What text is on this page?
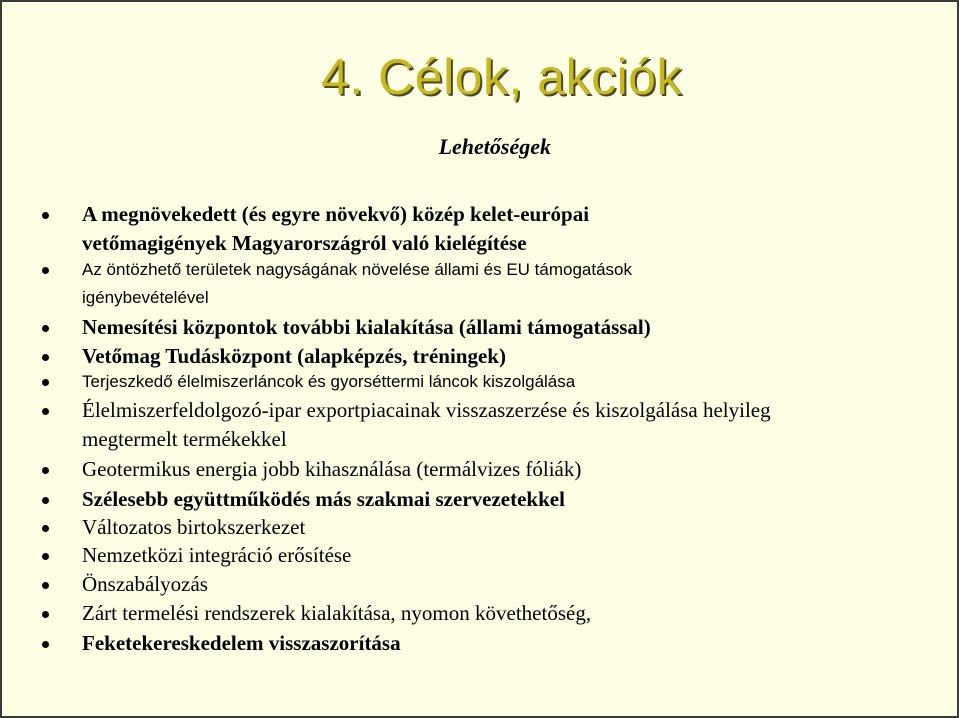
4. Célok, akciók
Lehetőségek
A megnövekedett (és egyre növekvő) közép kelet-európai
vetőmagigények Magyarországról való kielégítése
Az öntözhető területek nagyságának növelése állami és EU támogatások
igénybevételével
Nemesítési központok további kialakítása (állami támogatással)
Vetőmag Tudásközpont (alapképzés, tréningek)
Terjeszkedő élelmiszerláncok és gyorséttermi láncok kiszolgálása
Élelmiszerfeldolgozó-ipar exportpiacainak visszaszerzése és kiszolgálása helyileg
megtermelt termékekkel
Geotermikus energia jobb kihasználása (termálvizes fóliák)
Szélesebb együttműködés más szakmai szervezetekkel
Változatos birtokszerkezet
Nemzetközi integráció erősítése
Önszabályozás
Zárt termelési rendszerek kialakítása, nyomon követhetőség,
Feketekereskedelem visszaszorítása
